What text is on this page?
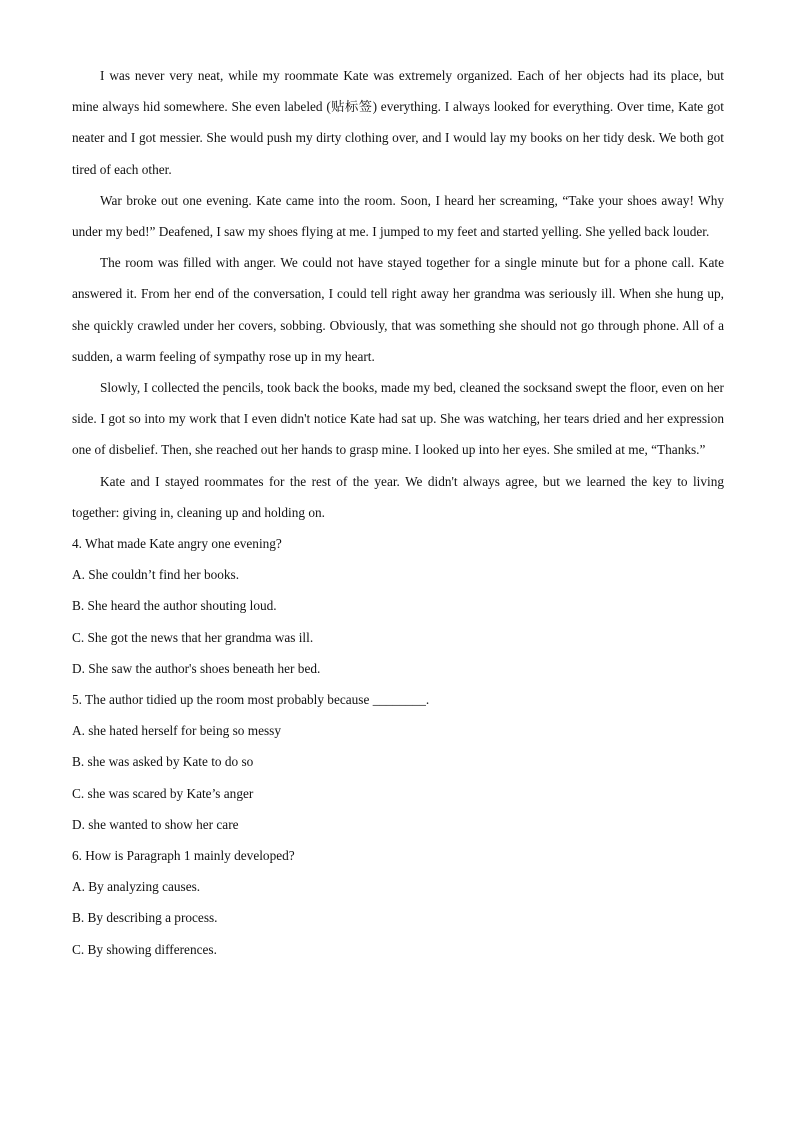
I was never very neat, while my roommate Kate was extremely organized. Each of her objects had its place, but mine always hid somewhere. She even labeled (贴标签) everything. I always looked for everything. Over time, Kate got neater and I got messier. She would push my dirty clothing over, and I would lay my books on her tidy desk. We both got tired of each other.

War broke out one evening. Kate came into the room. Soon, I heard her screaming, “Take your shoes away! Why under my bed!” Deafened, I saw my shoes flying at me. I jumped to my feet and started yelling. She yelled back louder.

The room was filled with anger. We could not have stayed together for a single minute but for a phone call. Kate answered it. From her end of the conversation, I could tell right away her grandma was seriously ill. When she hung up, she quickly crawled under her covers, sobbing. Obviously, that was something she should not go through phone. All of a sudden, a warm feeling of sympathy rose up in my heart.

Slowly, I collected the pencils, took back the books, made my bed, cleaned the socksand swept the floor, even on her side. I got so into my work that I even didn't notice Kate had sat up. She was watching, her tears dried and her expression one of disbelief. Then, she reached out her hands to grasp mine. I looked up into her eyes. She smiled at me, “Thanks.”

Kate and I stayed roommates for the rest of the year. We didn't always agree, but we learned the key to living together: giving in, cleaning up and holding on.

4. What made Kate angry one evening?

A. She couldn’t find her books.

B. She heard the author shouting loud.

C. She got the news that her grandma was ill.

D. She saw the author's shoes beneath her bed.

5. The author tidied up the room most probably because ________.

A. she hated herself for being so messy

B. she was asked by Kate to do so

C. she was scared by Kate’s anger

D. she wanted to show her care

6. How is Paragraph 1 mainly developed?

A. By analyzing causes.

B. By describing a process.

C. By showing differences.
